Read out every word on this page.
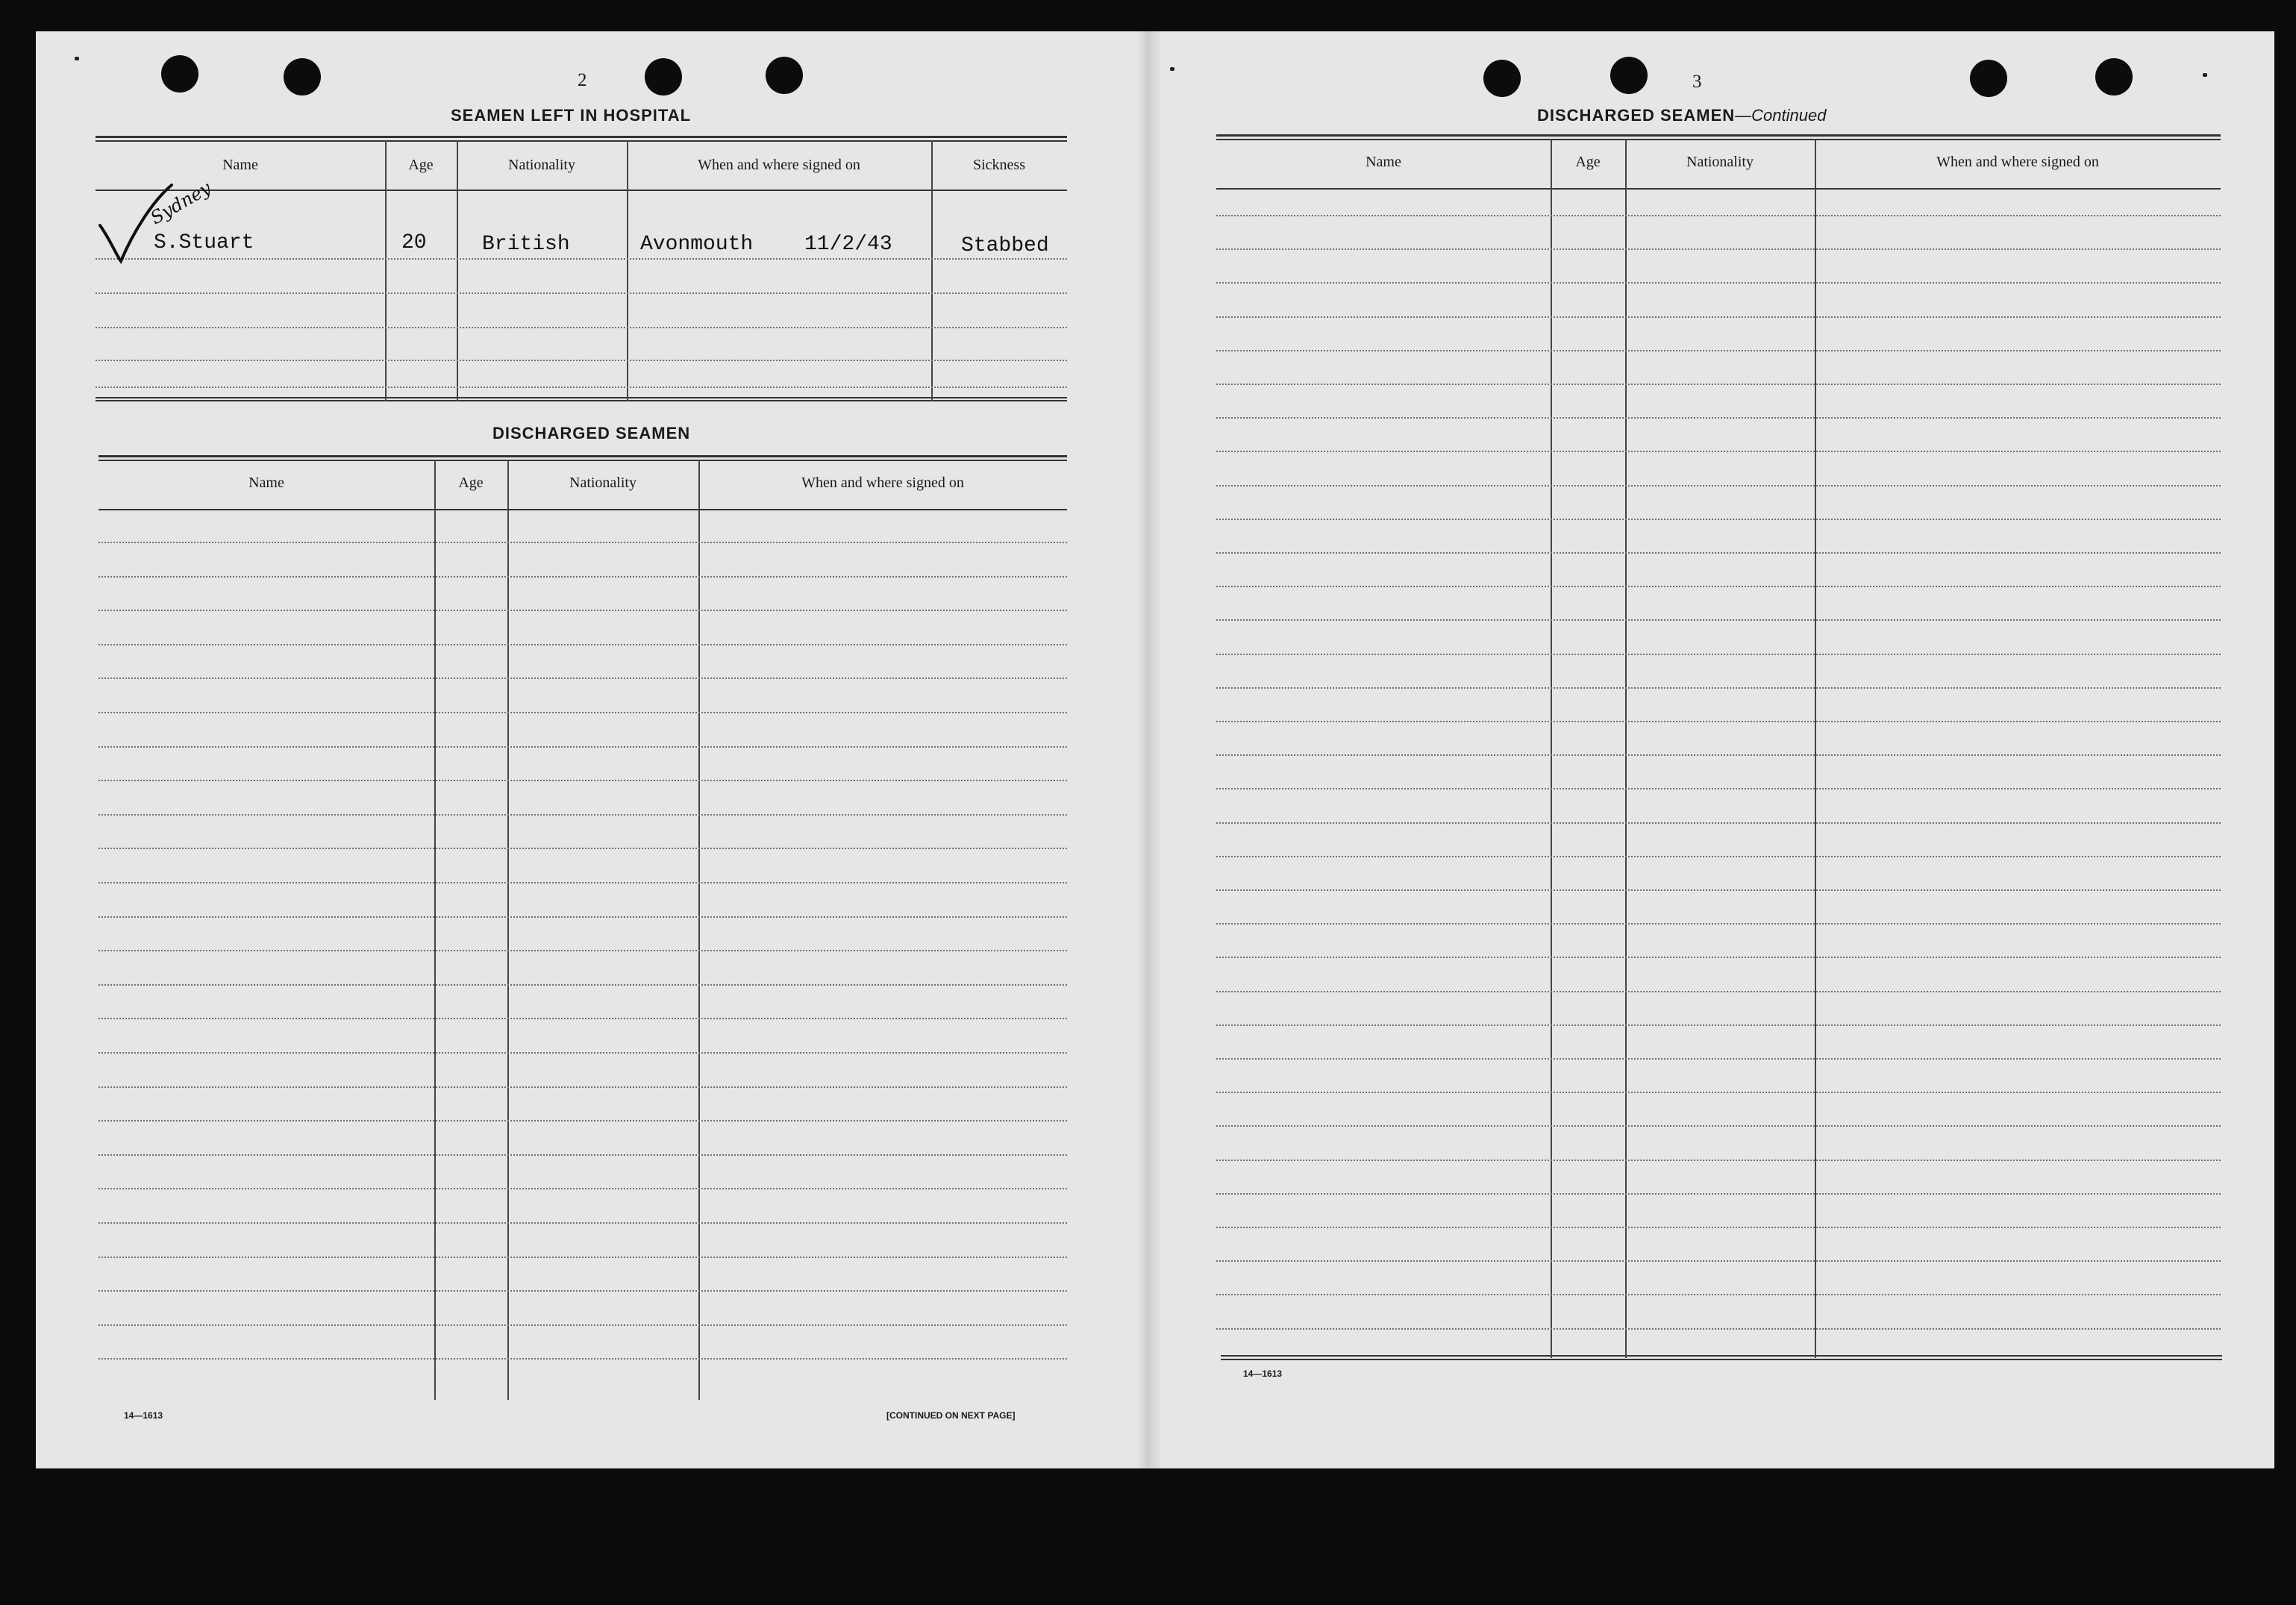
2
SEAMEN LEFT IN HOSPITAL
Name	Age	Nationality	When and where signed on	Sickness
Sydney
S.Stuart	20	British	Avonmouth 11/2/43	Stabbed
DISCHARGED SEAMEN
Name	Age	Nationality	When and where signed on
14—1613	[CONTINUED ON NEXT PAGE]
3
DISCHARGED SEAMEN—Continued
Name	Age	Nationality	When and where signed on
14—1613
